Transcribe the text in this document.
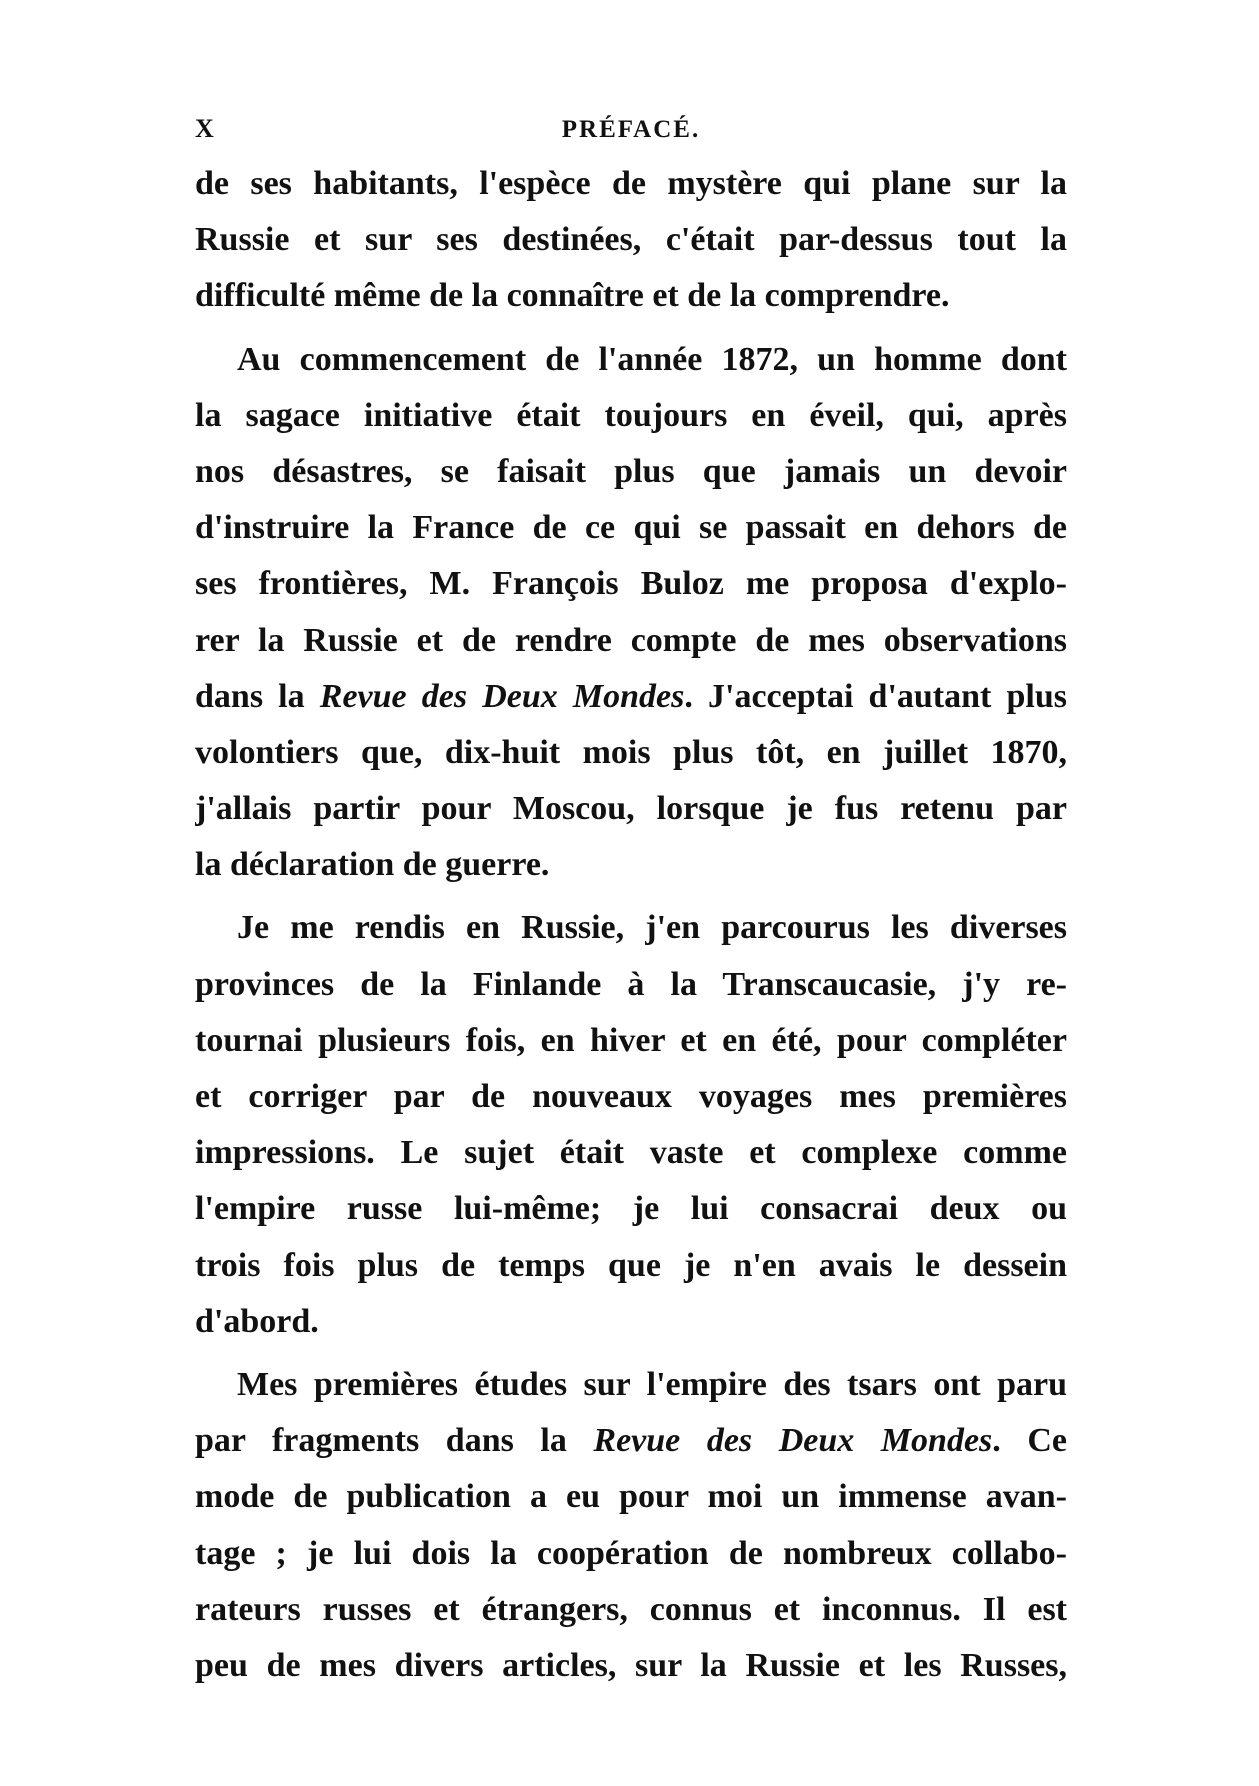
X	PRÉFACÉ.
de ses habitants, l'espèce de mystère qui plane sur la
Russie et sur ses destinées, c'était par-dessus tout la
difficulté même de la connaître et de la comprendre.
Au commencement de l'année 1872, un homme dont
la sagace initiative était toujours en éveil, qui, après
nos désastres, se faisait plus que jamais un devoir
d'instruire la France de ce qui se passait en dehors de
ses frontières, M. François Buloz me proposa d'explo-
rer la Russie et de rendre compte de mes observations
dans la Revue des Deux Mondes. J'acceptai d'autant plus
volontiers que, dix-huit mois plus tôt, en juillet 1870,
j'allais partir pour Moscou, lorsque je fus retenu par
la déclaration de guerre.
Je me rendis en Russie, j'en parcourus les diverses
provinces de la Finlande à la Transcaucasie, j'y re-
tournai plusieurs fois, en hiver et en été, pour compléter
et corriger par de nouveaux voyages mes premières
impressions. Le sujet était vaste et complexe comme
l'empire russe lui-même; je lui consacrai deux ou
trois fois plus de temps que je n'en avais le dessein
d'abord.
Mes premières études sur l'empire des tsars ont paru
par fragments dans la Revue des Deux Mondes. Ce
mode de publication a eu pour moi un immense avan-
tage ; je lui dois la coopération de nombreux collabo-
rateurs russes et étrangers, connus et inconnus. Il est
peu de mes divers articles, sur la Russie et les Russes,
